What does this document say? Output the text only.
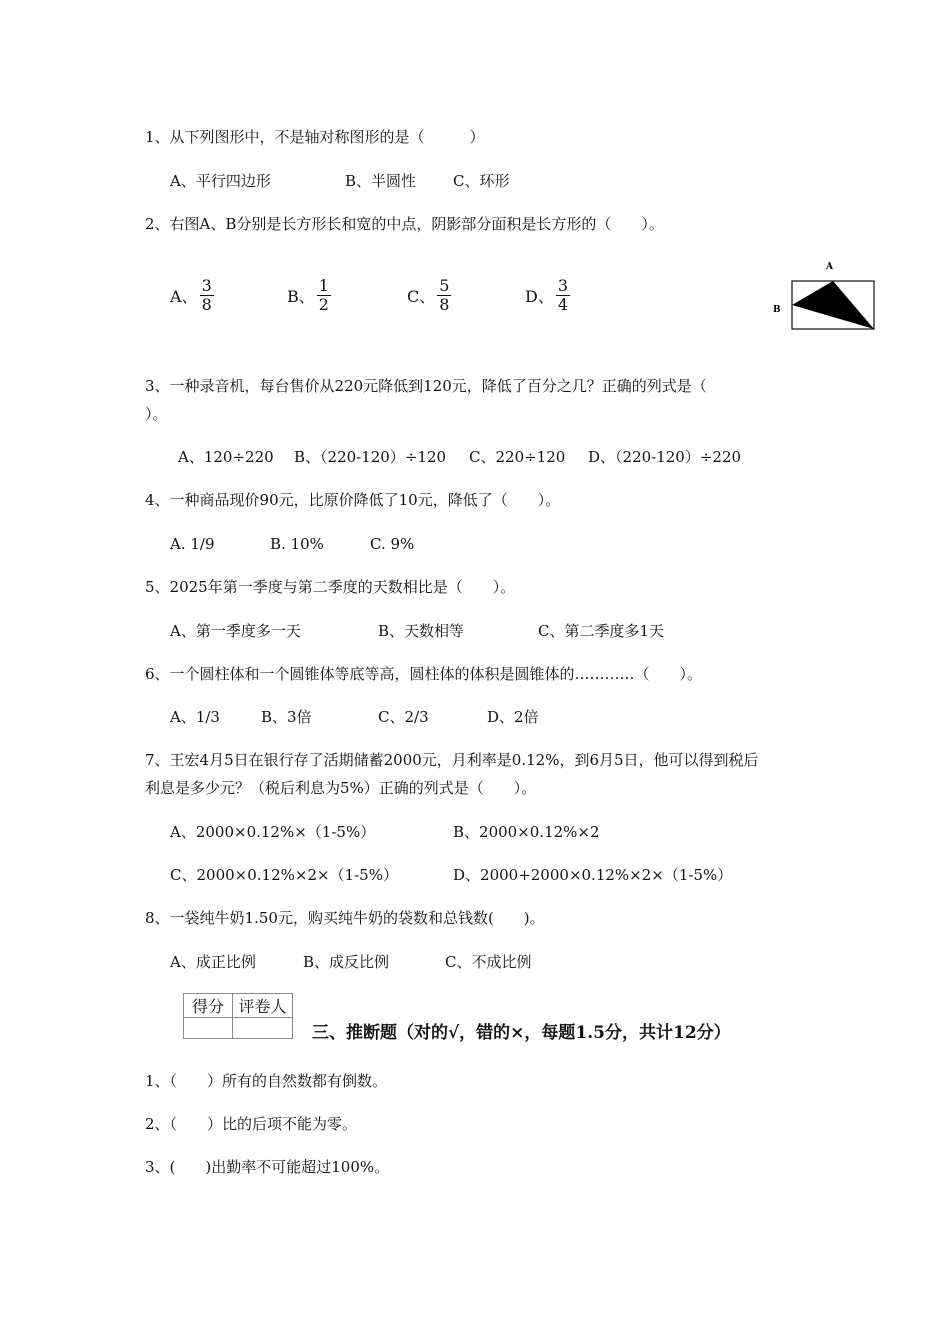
1、从下列图形中，不是轴对称图形的是（　　　）
A、平行四边形	B、半圆性 C、环形
2、右图A、B分别是长方形长和宽的中点，阴影部分面积是长方形的（　　）。
A、 $\frac{3}{8}$	B、 $\frac{1}{2}$	C、 $\frac{5}{8}$	D、 $\frac{3}{4}$
A
B
3、一种录音机，每台售价从220元降低到120元，降低了百分之几？正确的列式是（
）。
A、120÷220 B、（220-120）÷120 C、220÷120 D、（220-120）÷220
4、一种商品现价90元，比原价降低了10元，降低了（　　）。
A. 1/9	B. 10%	C. 9%
5、2025年第一季度与第二季度的天数相比是（　　）。
A、第一季度多一天	B、天数相等	C、第二季度多1天
6、一个圆柱体和一个圆锥体等底等高，圆柱体的体积是圆锥体的…………（　　）。
A、1/3	B、3倍	C、2/3	D、2倍
7、王宏4月5日在银行存了活期储蓄2000元，月利率是0.12%，到6月5日，他可以得到税后
利息是多少元？（税后利息为5%）正确的列式是（　　）。
A、2000×0.12%×（1-5%）	B、2000×0.12%×2
C、2000×0.12%×2×（1-5%）	D、2000+2000×0.12%×2×（1-5%）
8、一袋纯牛奶1.50元，购买纯牛奶的袋数和总钱数(　　)。
A、成正比例	B、成反比例	C、不成比例
得分	评卷人

三、推断题（对的√，错的×，每题1.5分，共计12分）
1、（　　）所有的自然数都有倒数。
2、（　　）比的后项不能为零。
3、(　　)出勤率不可能超过100%。
